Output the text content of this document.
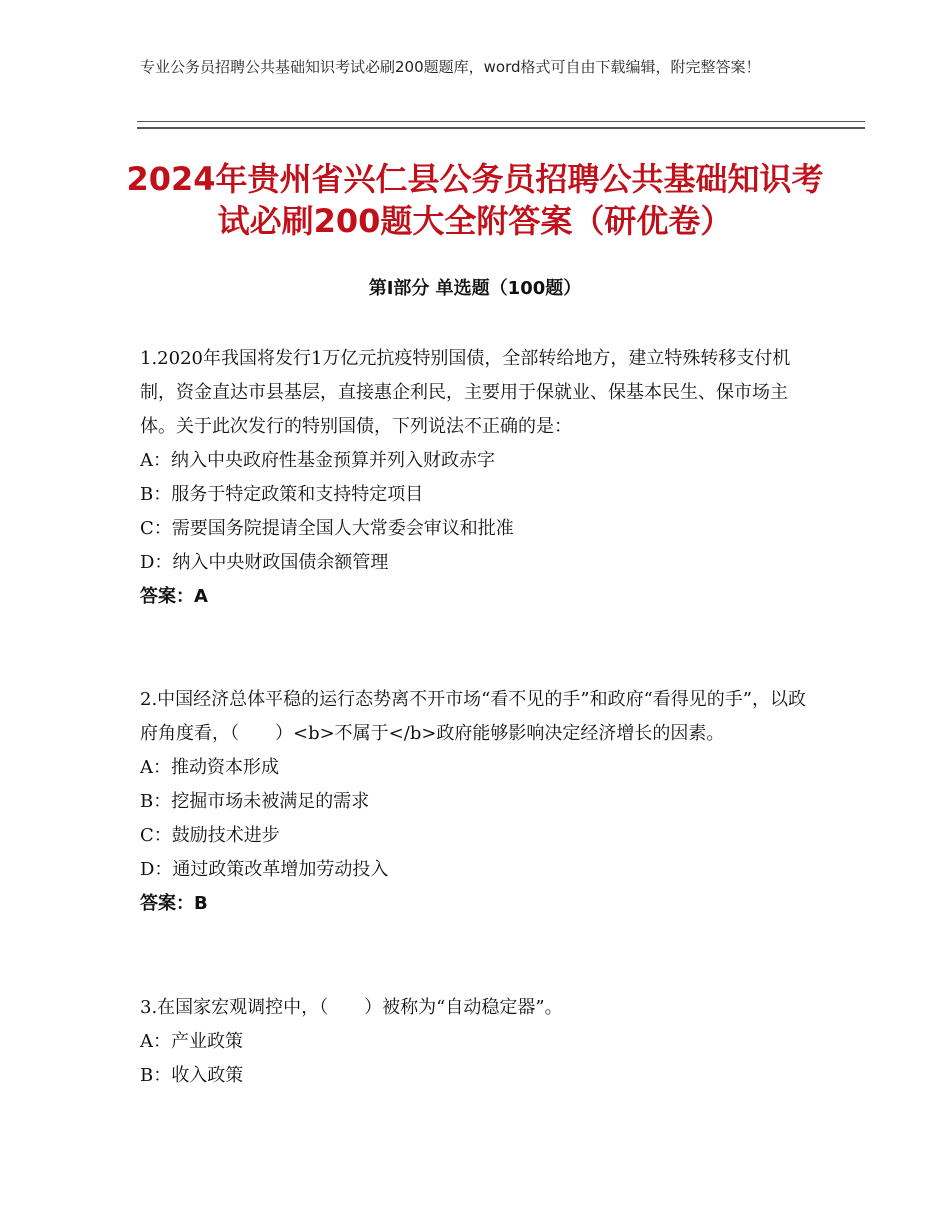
专业公务员招聘公共基础知识考试必刷200题题库，word格式可自由下载编辑，附完整答案！
2024年贵州省兴仁县公务员招聘公共基础知识考试必刷200题大全附答案（研优卷）
第Ⅰ部分 单选题（100题）
1.2020年我国将发行1万亿元抗疫特别国债，全部转给地方，建立特殊转移支付机制，资金直达市县基层，直接惠企利民，主要用于保就业、保基本民生、保市场主体。关于此次发行的特别国债，下列说法不正确的是：
A：纳入中央政府性基金预算并列入财政赤字
B：服务于特定政策和支持特定项目
C：需要国务院提请全国人大常委会审议和批准
D：纳入中央财政国债余额管理
答案：A
2.中国经济总体平稳的运行态势离不开市场“看不见的手”和政府“看得见的手”，以政府角度看，（　　）<b>不属于</b>政府能够影响决定经济增长的因素。
A：推动资本形成
B：挖掘市场未被满足的需求
C：鼓励技术进步
D：通过政策改革增加劳动投入
答案：B
3.在国家宏观调控中，（　　）被称为“自动稳定器”。
A：产业政策
B：收入政策
